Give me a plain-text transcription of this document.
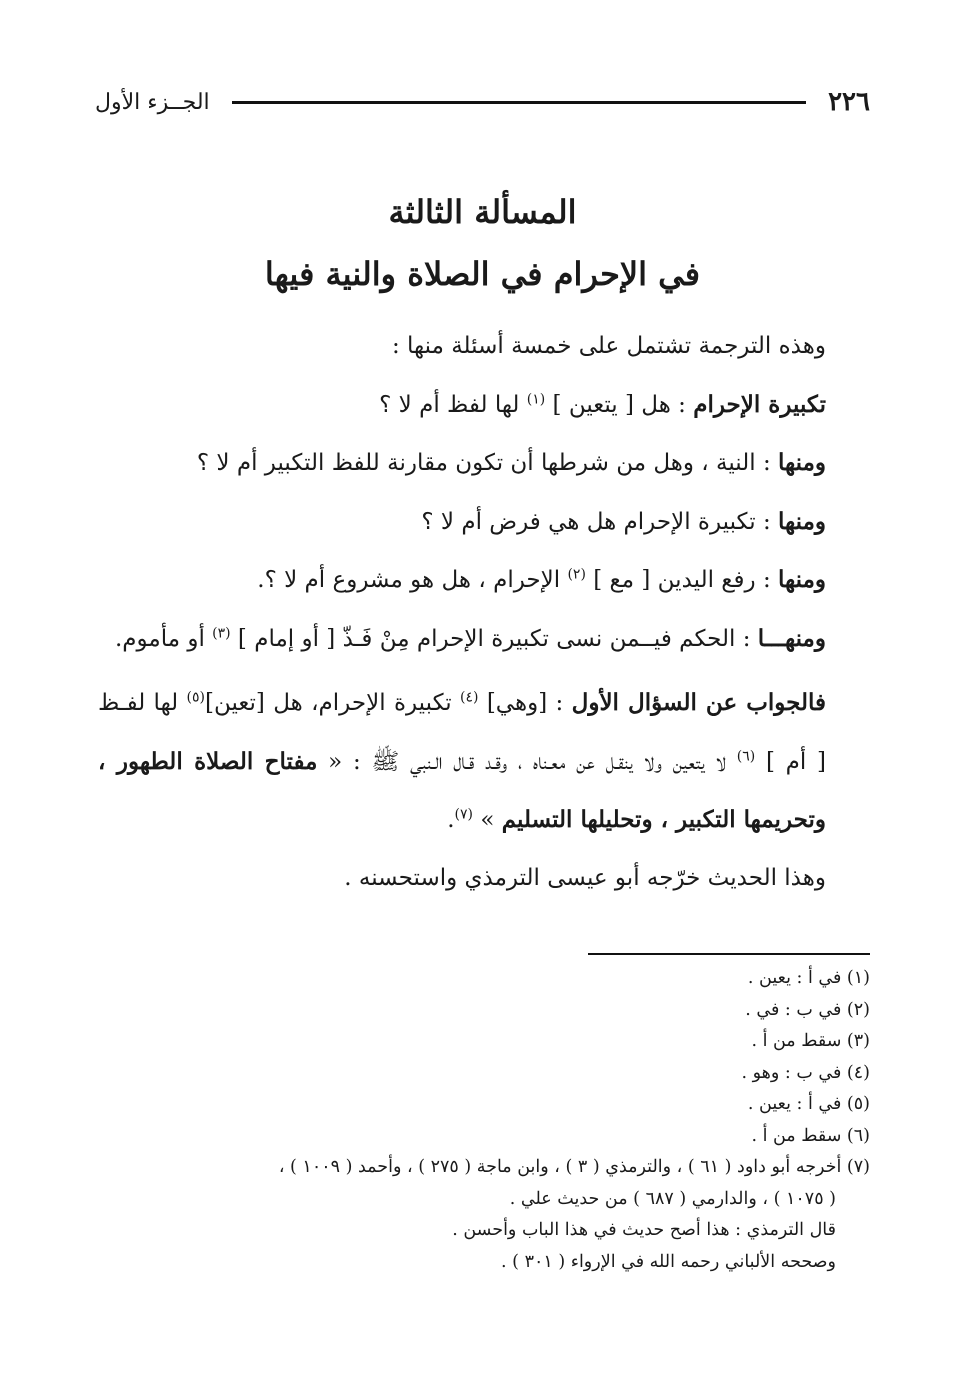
٢٢٦
الجــزء الأول
المسألة الثالثة
في الإحرام في الصلاة والنية فيها

وهذه الترجمة تشتمل على خمسة أسئلة منها :

تكبيرة الإحرام : هل [ يتعين ] $^{(١)}$ لها لفظ أم لا ؟

ومنها : النية ، وهل من شرطها أن تكون مقارنة للفظ التكبير أم لا ؟

ومنها : تكبيرة الإحرام هل هي فرض أم لا ؟

ومنها : رفع اليدين [ مع ] $^{(٢)}$ الإحرام ، هل هو مشروع أم لا ؟.

ومنهـــا : الحكم فيــمن نسى تكبيرة الإحرام مِنْ فَـذّ [ أو إمام ] $^{(٣)}$ أو مأموم.

فالجواب عن السؤال الأول : [وهي] $^{(٤)}$ تكبيرة الإحرام، هل [تعين]$^{(٥)}$ لها لفـظ [ أم ] $^{(٦)}$ لا يتعين ولا ينقـل عن معـناه ، وقـد قـال الـنبي ﷺ : « مفتاح الصلاة الطهور ، وتحريمها التكبير ، وتحليلها التسليم » $^{(٧)}$.

وهذا الحديث خرّجه أبو عيسى الترمذي واستحسنه .

(١) في أ : يعين .

(٢) في ب : في .

(٣) سقط من أ .

(٤) في ب : وهو .

(٥) في أ : يعين .

(٦) سقط من أ .

(٧) أخرجه أبو داود ( ٦١ ) ، والترمذي ( ٣ ) ، وابن ماجة ( ٢٧٥ ) ، وأحمد ( ١٠٠٩ ) ،

( ١٠٧٥ ) ، والدارمي ( ٦٨٧ ) من حديث علي .

قال الترمذي : هذا أصح حديث في هذا الباب وأحسن .

وصححه الألباني رحمه الله في الإرواء ( ٣٠١ ) .
